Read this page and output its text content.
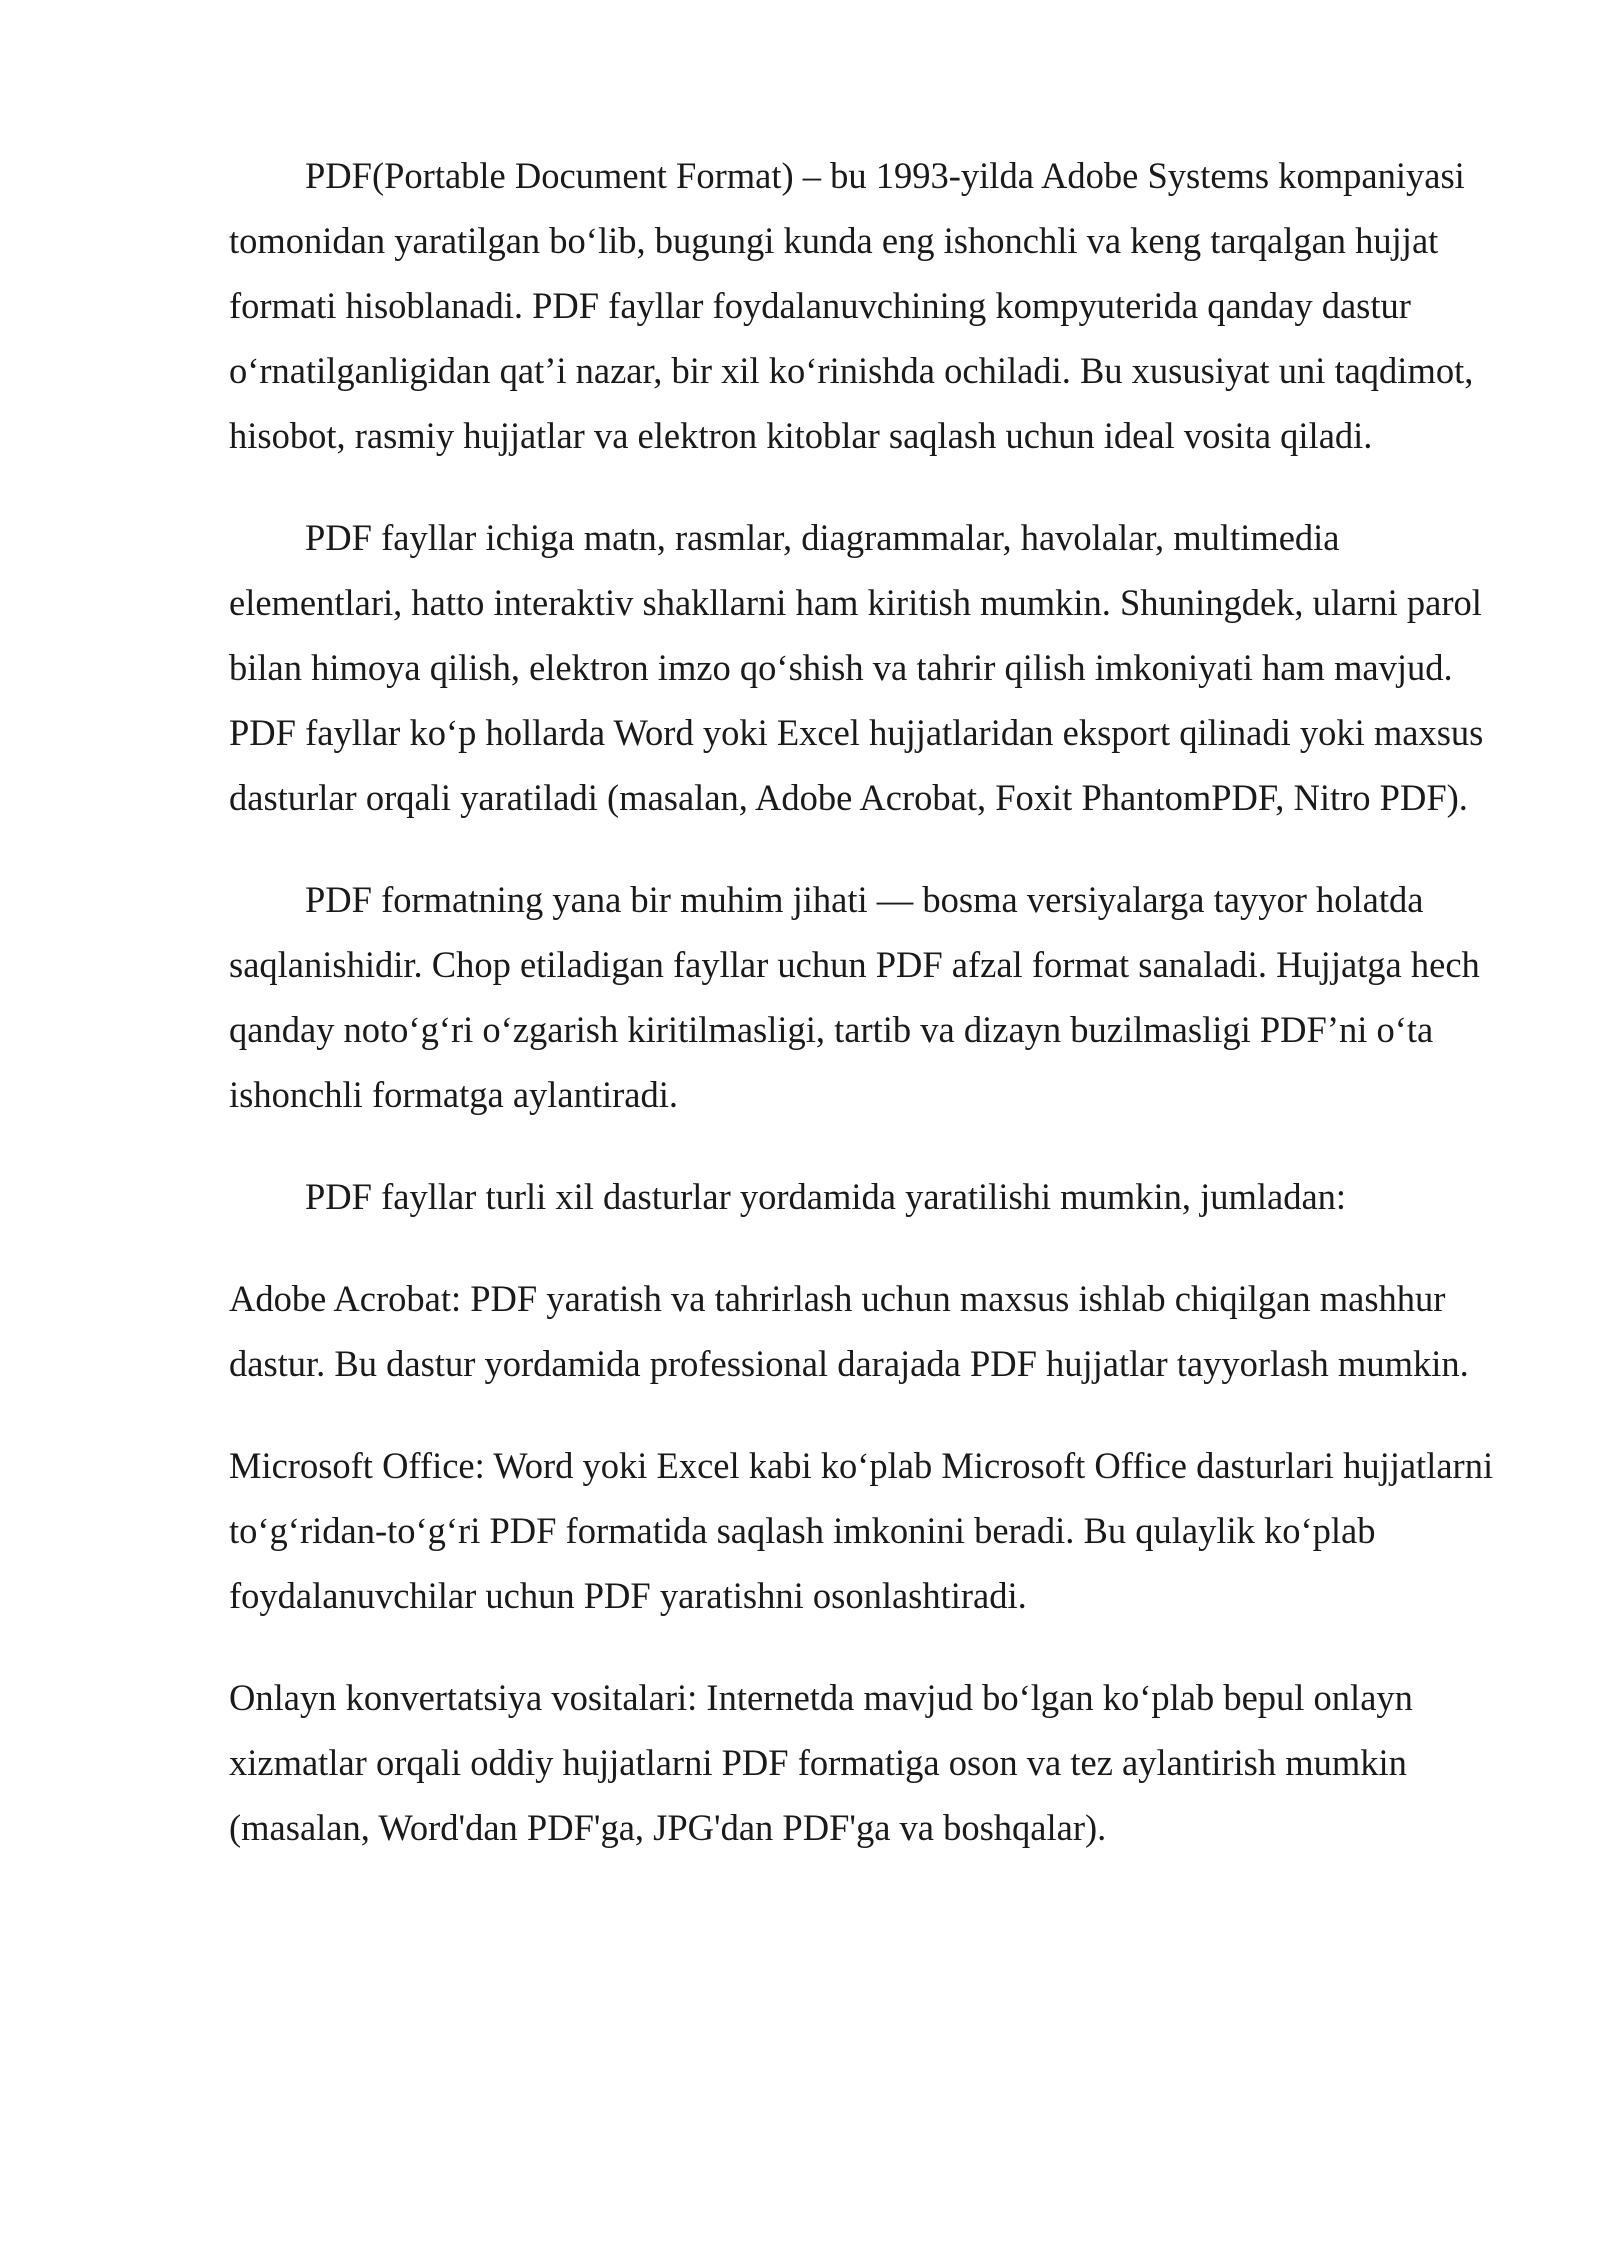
PDF(Portable Document Format) – bu 1993-yilda Adobe Systems kompaniyasi tomonidan yaratilgan bo‘lib, bugungi kunda eng ishonchli va keng tarqalgan hujjat formati hisoblanadi. PDF fayllar foydalanuvchining kompyuterida qanday dastur o‘rnatilganligidan qat’i nazar, bir xil ko‘rinishda ochiladi. Bu xususiyat uni taqdimot, hisobot, rasmiy hujjatlar va elektron kitoblar saqlash uchun ideal vosita qiladi.

PDF fayllar ichiga matn, rasmlar, diagrammalar, havolalar, multimedia elementlari, hatto interaktiv shakllarni ham kiritish mumkin. Shuningdek, ularni parol bilan himoya qilish, elektron imzo qo‘shish va tahrir qilish imkoniyati ham mavjud. PDF fayllar ko‘p hollarda Word yoki Excel hujjatlaridan eksport qilinadi yoki maxsus dasturlar orqali yaratiladi (masalan, Adobe Acrobat, Foxit PhantomPDF, Nitro PDF).

PDF formatning yana bir muhim jihati — bosma versiyalarga tayyor holatda saqlanishidir. Chop etiladigan fayllar uchun PDF afzal format sanaladi. Hujjatga hech qanday noto‘g‘ri o‘zgarish kiritilmasligi, tartib va dizayn buzilmasligi PDF’ni o‘ta ishonchli formatga aylantiradi.

PDF fayllar turli xil dasturlar yordamida yaratilishi mumkin, jumladan:

Adobe Acrobat: PDF yaratish va tahrirlash uchun maxsus ishlab chiqilgan mashhur dastur. Bu dastur yordamida professional darajada PDF hujjatlar tayyorlash mumkin.

Microsoft Office: Word yoki Excel kabi ko‘plab Microsoft Office dasturlari hujjatlarni to‘g‘ridan-to‘g‘ri PDF formatida saqlash imkonini beradi. Bu qulaylik ko‘plab foydalanuvchilar uchun PDF yaratishni osonlashtiradi.

Onlayn konvertatsiya vositalari: Internetda mavjud bo‘lgan ko‘plab bepul onlayn xizmatlar orqali oddiy hujjatlarni PDF formatiga oson va tez aylantirish mumkin (masalan, Word'dan PDF'ga, JPG'dan PDF'ga va boshqalar).
